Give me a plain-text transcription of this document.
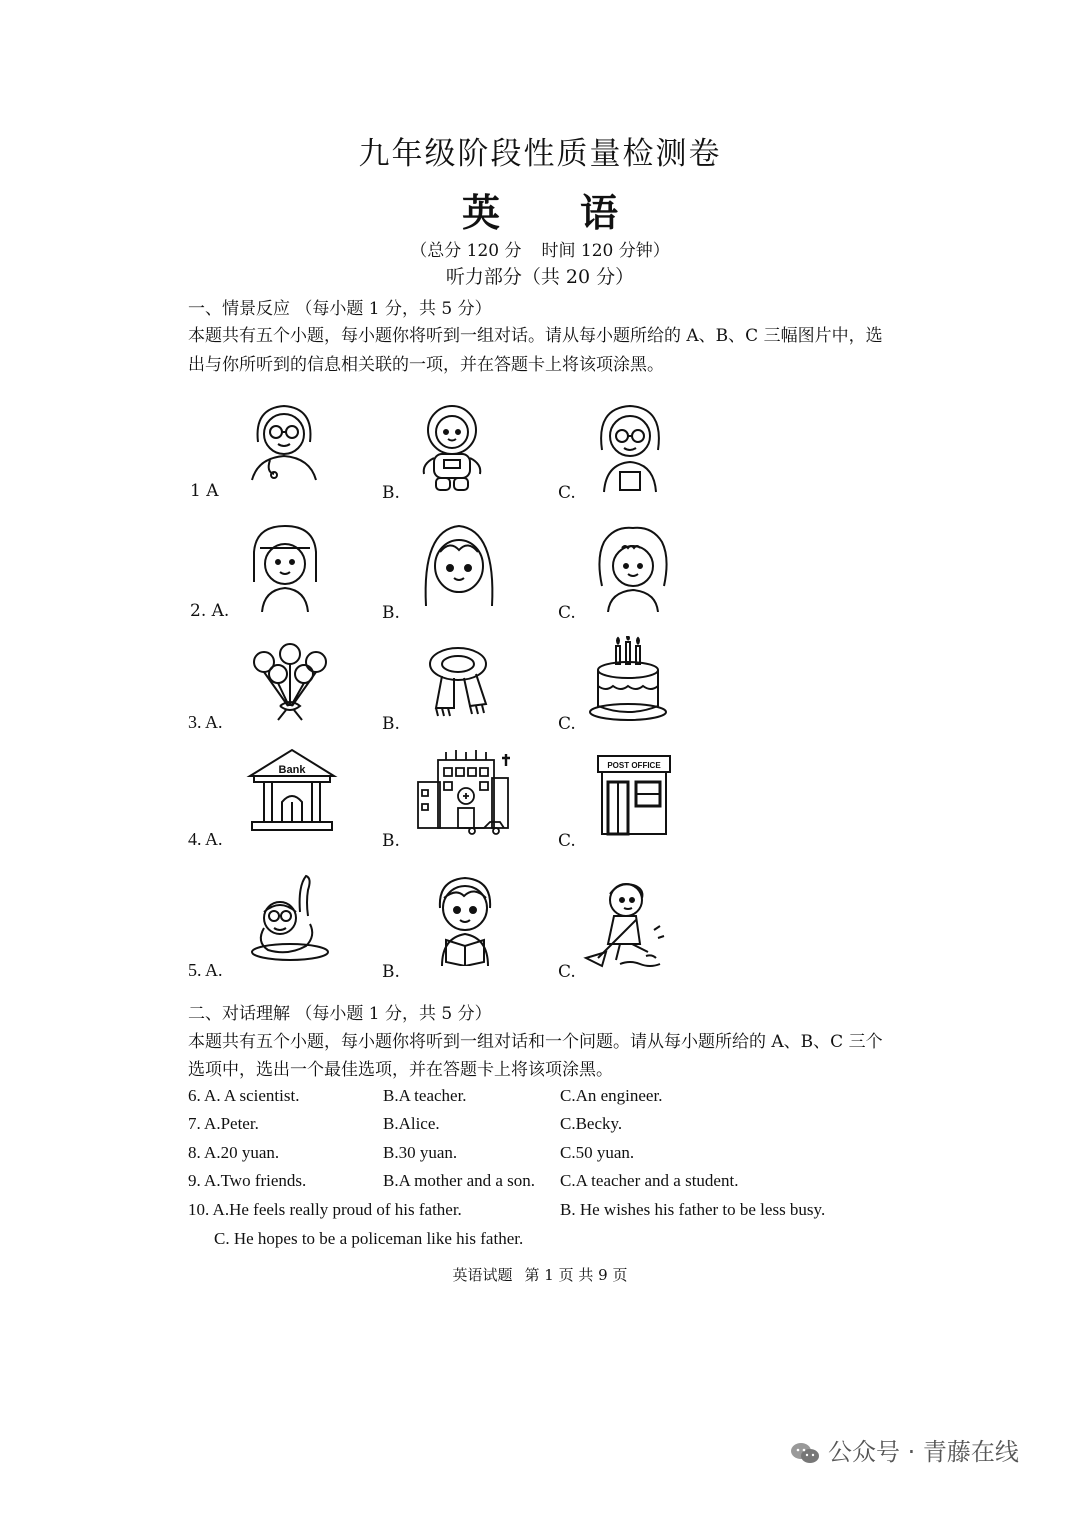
九年级阶段性质量检测卷
英 语
（总分 120 分 时间 120 分钟）
听力部分（共 20 分）
一、情景反应 （每小题 1 分，共 5 分）
本题共有五个小题，每小题你将听到一组对话。请从每小题所给的 A、B、C 三幅图片中，选
出与你所听到的信息相关联的一项，并在答题卡上将该项涂黑。
1 A	B.	C.
2. A.	B.	C.
3. A.	B.	C.
4. A.	B.	C.
Bank	POST OFFICE
5. A.	B.	C.
二、对话理解 （每小题 1 分，共 5 分）
本题共有五个小题，每小题你将听到一组对话和一个问题。请从每小题所给的 A、B、C 三个
选项中，选出一个最佳选项，并在答题卡上将该项涂黑。
6. A. A scientist.	B.A teacher.	C.An engineer.
7. A.Peter.	B.Alice.	C.Becky.
8. A.20 yuan.	B.30 yuan.	C.50 yuan.
9. A.Two friends.	B.A mother and a son. C.A teacher and a student.
10. A.He feels really proud of his father.	B. He wishes his father to be less busy.
C. He hopes to be a policeman like his father.
英语试题 第 1 页 共 9 页
公众号 · 青藤在线
